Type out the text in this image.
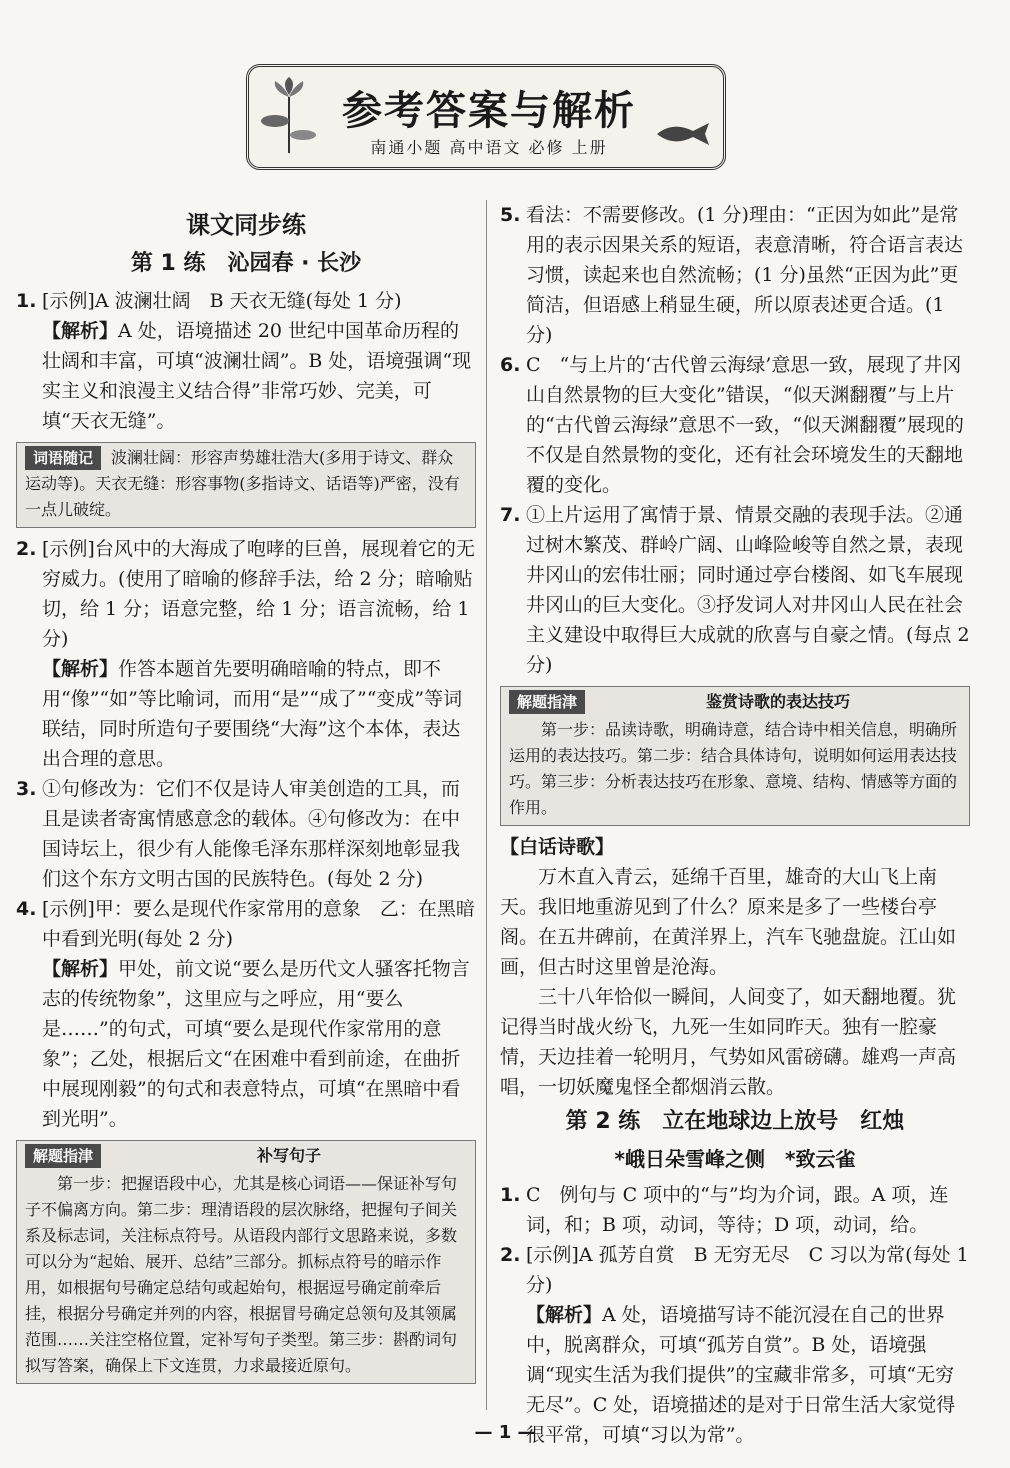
参考答案与解析
南通小题 高中语文 必修 上册
课文同步练
第 1 练　沁园春 · 长沙
1. [示例]A 波澜壮阔　B 天衣无缝(每处 1 分)
【解析】A 处，语境描述 20 世纪中国革命历程的壮阔和丰富，可填“波澜壮阔”。B 处，语境强调“现实主义和浪漫主义结合得”非常巧妙、完美，可填“天衣无缝”。
词语随记 波澜壮阔：形容声势雄壮浩大(多用于诗文、群众运动等)。天衣无缝：形容事物(多指诗文、话语等)严密，没有一点儿破绽。
2. [示例]台风中的大海成了咆哮的巨兽，展现着它的无穷威力。(使用了暗喻的修辞手法，给 2 分；暗喻贴切，给 1 分；语意完整，给 1 分；语言流畅，给 1 分)
【解析】作答本题首先要明确暗喻的特点，即不用“像”“如”等比喻词，而用“是”“成了”“变成”等词联结，同时所造句子要围绕“大海”这个本体，表达出合理的意思。
3. ①句修改为：它们不仅是诗人审美创造的工具，而且是读者寄寓情感意念的载体。④句修改为：在中国诗坛上，很少有人能像毛泽东那样深刻地彰显我们这个东方文明古国的民族特色。(每处 2 分)
4. [示例]甲：要么是现代作家常用的意象　乙：在黑暗中看到光明(每处 2 分)
【解析】甲处，前文说“要么是历代文人骚客托物言志的传统物象”，这里应与之呼应，用“要么是……”的句式，可填“要么是现代作家常用的意象”；乙处，根据后文“在困难中看到前途，在曲折中展现刚毅”的句式和表意特点，可填“在黑暗中看到光明”。
解题指津	补写句子

第一步：把握语段中心，尤其是核心词语——保证补写句子不偏离方向。第二步：理清语段的层次脉络，把握句子间关系及标志词，关注标点符号。从语段内部行文思路来说，多数可以分为“起始、展开、总结”三部分。抓标点符号的暗示作用，如根据句号确定总结句或起始句，根据逗号确定前牵后挂，根据分号确定并列的内容，根据冒号确定总领句及其领属范围……关注空格位置，定补写句子类型。第三步：斟酌词句拟写答案，确保上下文连贯，力求最接近原句。

5. 看法：不需要修改。(1 分)理由：“正因为如此”是常用的表示因果关系的短语，表意清晰，符合语言表达习惯，读起来也自然流畅；(1 分)虽然“正因为此”更简洁，但语感上稍显生硬，所以原表述更合适。(1 分)
6. C　“与上片的‘古代曾云海绿’意思一致，展现了井冈山自然景物的巨大变化”错误，“似天渊翻覆”与上片的“古代曾云海绿”意思不一致，“似天渊翻覆”展现的不仅是自然景物的变化，还有社会环境发生的天翻地覆的变化。
7. ①上片运用了寓情于景、情景交融的表现手法。②通过树木繁茂、群岭广阔、山峰险峻等自然之景，表现井冈山的宏伟壮丽；同时通过亭台楼阁、如飞车展现井冈山的巨大变化。③抒发词人对井冈山人民在社会主义建设中取得巨大成就的欣喜与自豪之情。(每点 2 分)
解题指津	鉴赏诗歌的表达技巧

第一步：品读诗歌，明确诗意，结合诗中相关信息，明确所运用的表达技巧。第二步：结合具体诗句，说明如何运用表达技巧。第三步：分析表达技巧在形象、意境、结构、情感等方面的作用。

【白话诗歌】

万木直入青云，延绵千百里，雄奇的大山飞上南天。我旧地重游见到了什么？原来是多了一些楼台亭阁。在五井碑前，在黄洋界上，汽车飞驰盘旋。江山如画，但古时这里曾是沧海。

三十八年恰似一瞬间，人间变了，如天翻地覆。犹记得当时战火纷飞，九死一生如同昨天。独有一腔豪情，天边挂着一轮明月，气势如风雷磅礴。雄鸡一声高唱，一切妖魔鬼怪全都烟消云散。

第 2 练　立在地球边上放号　红烛
*峨日朵雪峰之侧　*致云雀
1. C　例句与 C 项中的“与”均为介词，跟。A 项，连词，和；B 项，动词，等待；D 项，动词，给。
2. [示例]A 孤芳自赏　B 无穷无尽　C 习以为常(每处 1 分)
【解析】A 处，语境描写诗不能沉浸在自己的世界中，脱离群众，可填“孤芳自赏”。B 处，语境强调“现实生活为我们提供”的宝藏非常多，可填“无穷无尽”。C 处，语境描述的是对于日常生活大家觉得很平常，可填“习以为常”。
— 1 —
